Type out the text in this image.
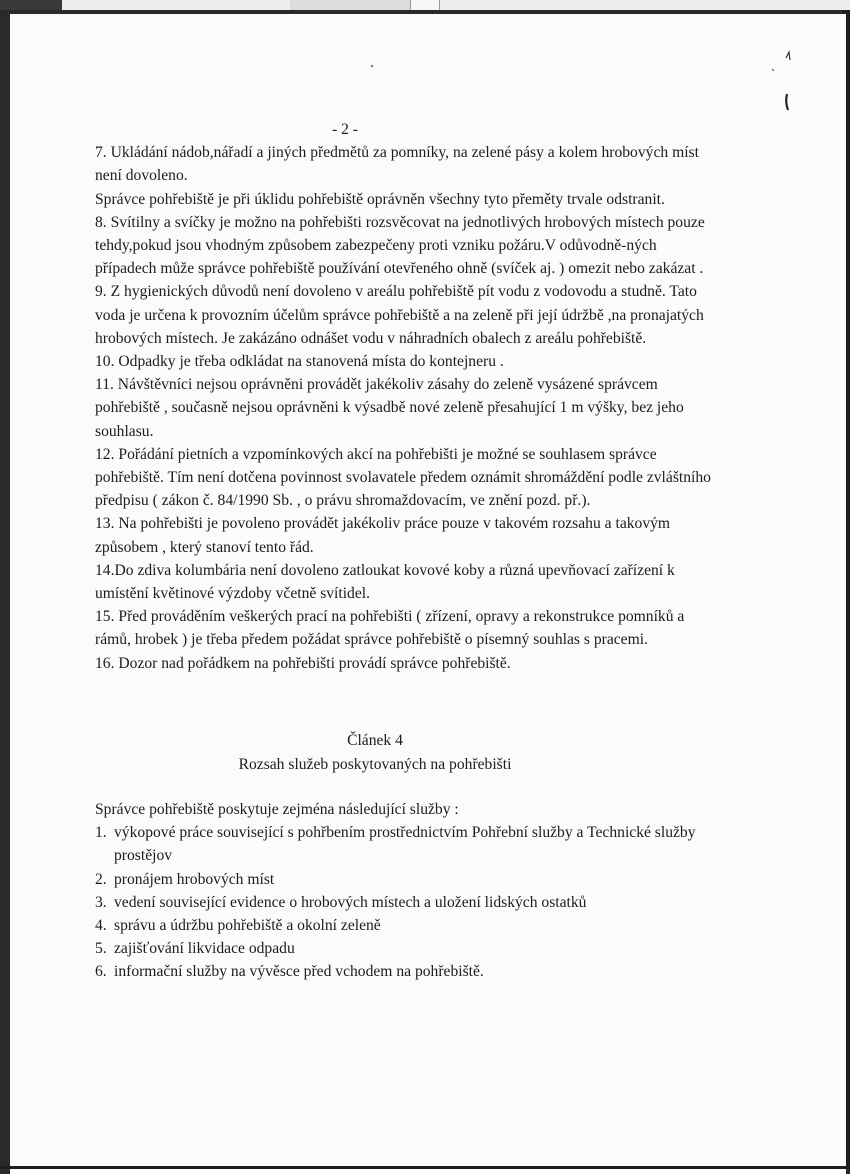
- 2 -
7. Ukládání nádob,nářadí a jiných předmětů za pomníky, na zelené pásy a kolem hrobových míst není dovoleno.
Správce pohřebiště je při úklidu pohřebiště oprávněn všechny tyto přeměty trvale odstranit.
8. Svítilny a svíčky je možno na pohřebišti rozsvěcovat na jednotlivých hrobových místech pouze tehdy,pokud jsou vhodným způsobem zabezpečeny proti vzniku požáru.V odůvodně-ných případech může správce pohřebiště používání otevřeného ohně (svíček aj. ) omezit nebo zakázat .
9. Z hygienických důvodů není dovoleno v areálu pohřebiště pít vodu z vodovodu a studně. Tato voda je určena k provozním účelům správce pohřebiště a na zeleně při její údržbě ,na pronajatých hrobových místech. Je zakázáno odnášet vodu v náhradních obalech z areálu pohřebiště.
10. Odpadky je třeba odkládat na stanovená místa do kontejneru .
11. Návštěvníci nejsou oprávněni provádět jakékoliv zásahy do zeleně vysázené správcem pohřebiště , současně nejsou oprávněni k výsadbě nové zeleně přesahující 1 m výšky, bez jeho souhlasu.
12. Pořádání pietních a vzpomínkových akcí na pohřebišti je možné se souhlasem správce pohřebiště. Tím není dotčena povinnost svolavatele předem oznámit shromáždění podle zvláštního předpisu ( zákon č. 84/1990 Sb. , o právu shromaždovacím, ve znění pozd. př.).
13. Na pohřebišti je povoleno provádět jakékoliv práce pouze v takovém rozsahu a takovým způsobem , který stanoví tento řád.
14.Do zdiva kolumbária není dovoleno zatloukat kovové koby a různá upevňovací zařízení k umístění květinové výzdoby včetně svítidel.
15. Před prováděním veškerých prací na pohřebišti ( zřízení, opravy a rekonstrukce pomníků a rámů, hrobek ) je třeba předem požádat správce pohřebiště o písemný souhlas s pracemi.
16. Dozor nad pořádkem na pohřebišti provádí správce pohřebiště.
Článek 4
Rozsah služeb poskytovaných na pohřebišti
Správce pohřebiště poskytuje zejména následující služby :
1. výkopové práce související s pohřbením prostřednictvím Pohřební služby a Technické služby prostějov
2. pronájem hrobových míst
3. vedení související evidence o hrobových místech a uložení lidských ostatků
4. správu a údržbu pohřebiště a okolní zeleně
5. zajišťování likvidace odpadu
6. informační služby na vývěsce před vchodem na pohřebiště.
